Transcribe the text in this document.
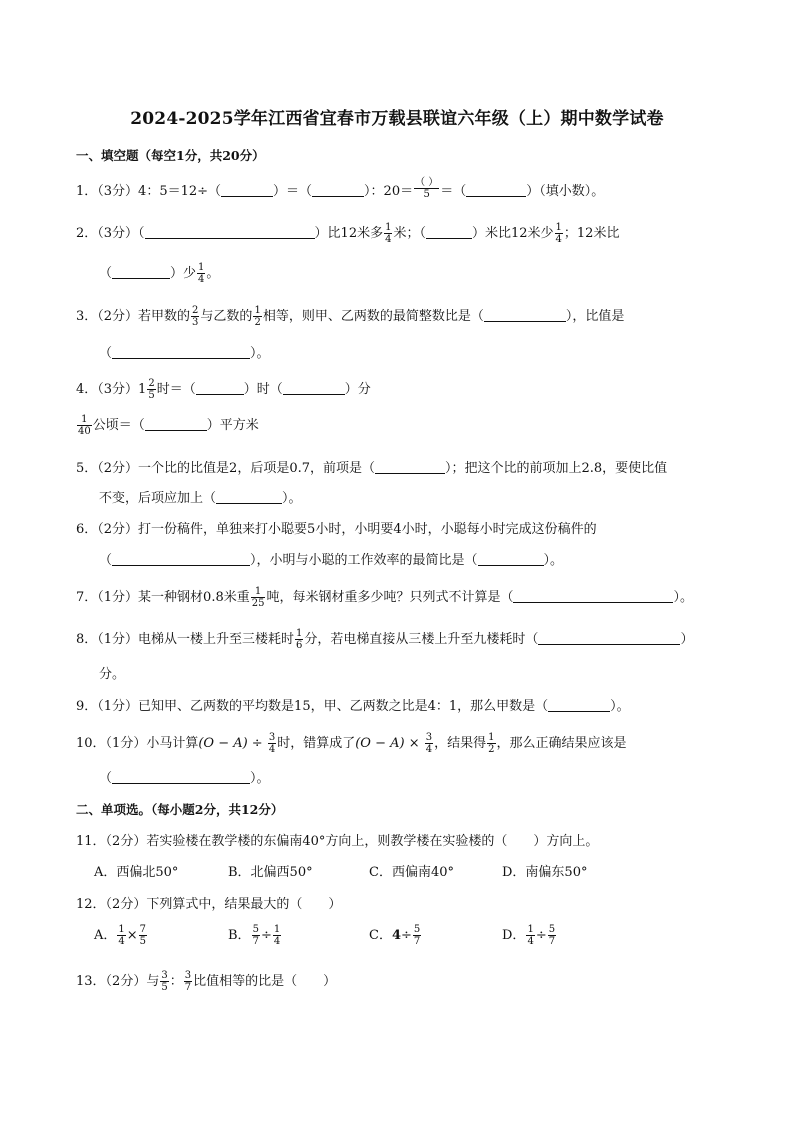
2024-2025学年江西省宜春市万载县联谊六年级（上）期中数学试卷
一、填空题（每空1分，共20分）
1．（3分）4：5＝12÷（	）＝（	）：$20= \frac{( )}{5}$ ＝（	）（填小数）。
2．（3分）（	）比12米多 $\frac{1}{4}$ 米；（	）米比12米少 $\frac{1}{4}$ ；12米比
（	）少 $\frac{1}{4}$ 。
3．（2分）若甲数的 $\frac{2}{3}$ 与乙数的 $\frac{1}{2}$ 相等，则甲、乙两数的最简整数比是（	），比值是
（	）。
4．（3分）$1 \frac{2}{5}$ 时＝（	）时（	）分
$\frac{1}{40}$ 公顷＝（	）平方米
5．（2分）一个比的比值是2，后项是0.7，前项是（	）；把这个比的前项加上2.8，要使比值
不变，后项应加上（	）。
6．（2分）打一份稿件，单独来打小聪要5小时，小明要4小时，小聪每小时完成这份稿件的
（	），小明与小聪的工作效率的最简比是（	）。
7．（1分）某一种钢材0.8米重 $\frac{1}{25}$ 吨，每米钢材重多少吨？只列式不计算是（	）。
8．（1分）电梯从一楼上升至三楼耗时 $\frac{1}{6}$ 分，若电梯直接从三楼上升至九楼耗时（	）
分。
9．（1分）已知甲、乙两数的平均数是15，甲、乙两数之比是4：1，那么甲数是（	）。
10．（1分）小马计算$(O - A) \div \frac{3}{4}$ 时，错算成了$(O - A) \times \frac{3}{4}$ ，结果得 $\frac{1}{2}$ ，那么正确结果应该是
（	）。
二、单项选。（每小题2分，共12分）
11．（2分）若实验楼在教学楼的东偏南40°方向上，则教学楼在实验楼的（　　）方向上。
A．西偏北50°	B．北偏西50°	C．西偏南40°	D．南偏东50°
12．（2分）下列算式中，结果最大的（　　）
A． $\frac{1}{4} \times \frac{7}{5}$	B． $\frac{5}{7} \div \frac{1}{4}$	C．$4\div \frac{5}{7}$	D． $\frac{1}{4} \div \frac{5}{7}$
13．（2分）与 $\frac{3}{5}$ ： $\frac{3}{7}$ 比值相等的比是（　　）
